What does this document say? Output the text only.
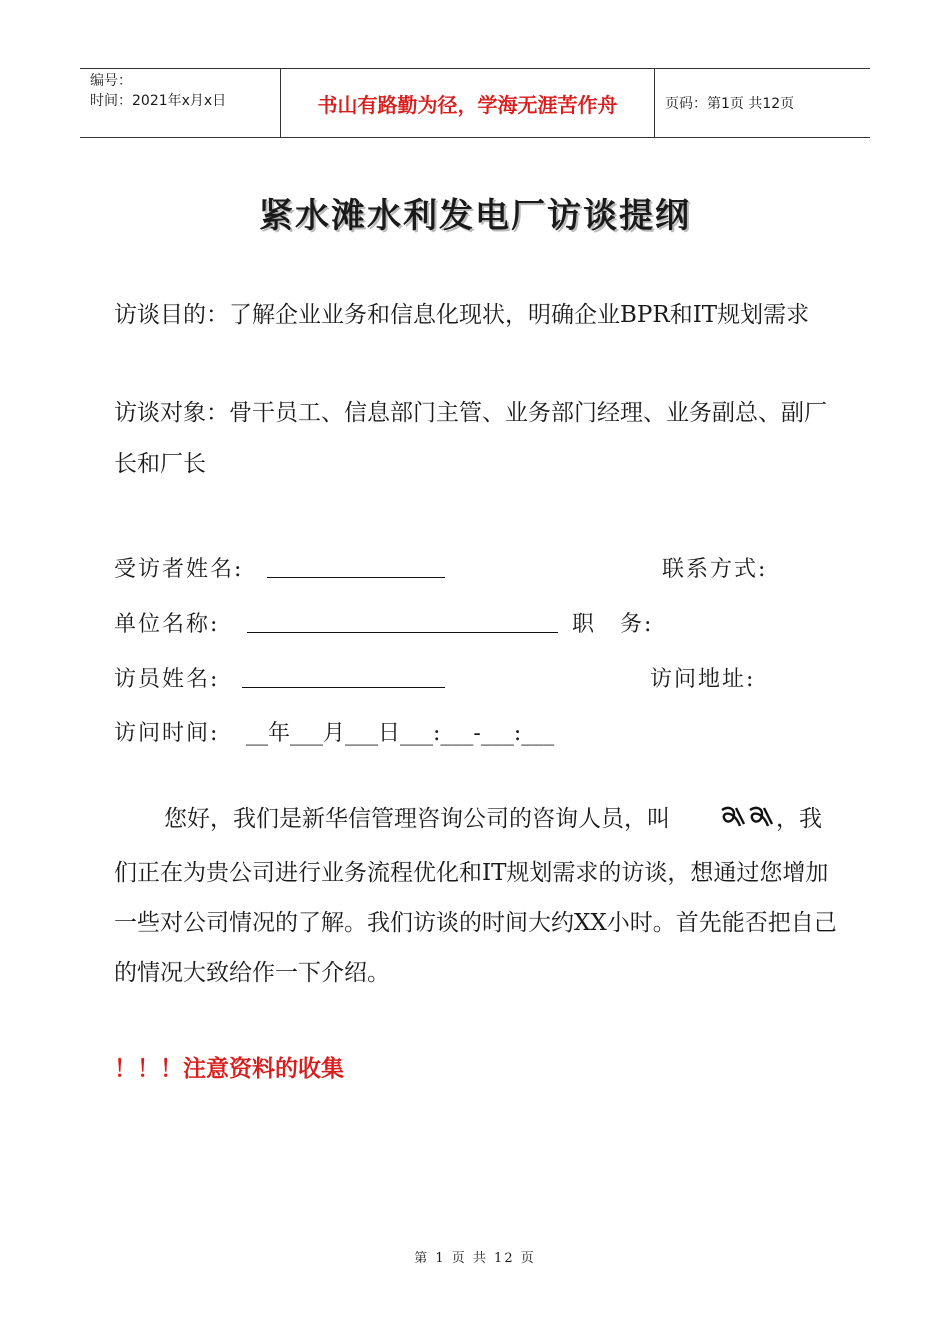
编号：
时间：2021年x月x日	书山有路勤为径，学海无涯苦作舟	页码：第1页 共12页
紧水滩水利发电厂访谈提纲
访谈目的：了解企业业务和信息化现状，明确企业BPR和IT规划需求
访谈对象：骨干员工、信息部门主管、业务部门经理、业务副总、副厂长和厂长
受访者姓名:	联系方式:
单位名称:	职　务:
访员姓名:	访问地址:
访问时间: __年___月___日___:___-___:___
您好，我们是新华信管理咨询公司的咨询人员，叫	，我们正在为贵公司进行业务流程优化和IT规划需求的访谈，想通过您增加一些对公司情况的了解。我们访谈的时间大约XX小时。首先能否把自己的情况大致给作一下介绍。
！！！注意资料的收集
第 1 页 共 12 页
